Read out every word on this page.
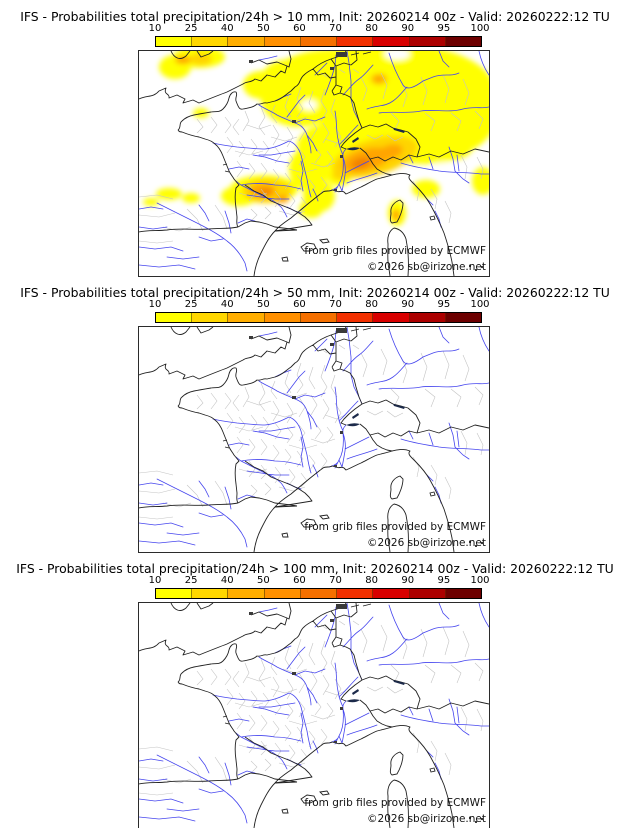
IFS - Probabilities total precipitation/24h > 10 mm, Init: 20260214 00z - Valid: 20260222:12 TU
10 25 40 50 60 70 80 90 95 100
from grib files provided by ECMWF
©2026 sb@irizone.net
IFS - Probabilities total precipitation/24h > 50 mm, Init: 20260214 00z - Valid: 20260222:12 TU
10 25 40 50 60 70 80 90 95 100
from grib files provided by ECMWF
©2026 sb@irizone.net
IFS - Probabilities total precipitation/24h > 100 mm, Init: 20260214 00z - Valid: 20260222:12 TU
10 25 40 50 60 70 80 90 95 100
from grib files provided by ECMWF
©2026 sb@irizone.net
